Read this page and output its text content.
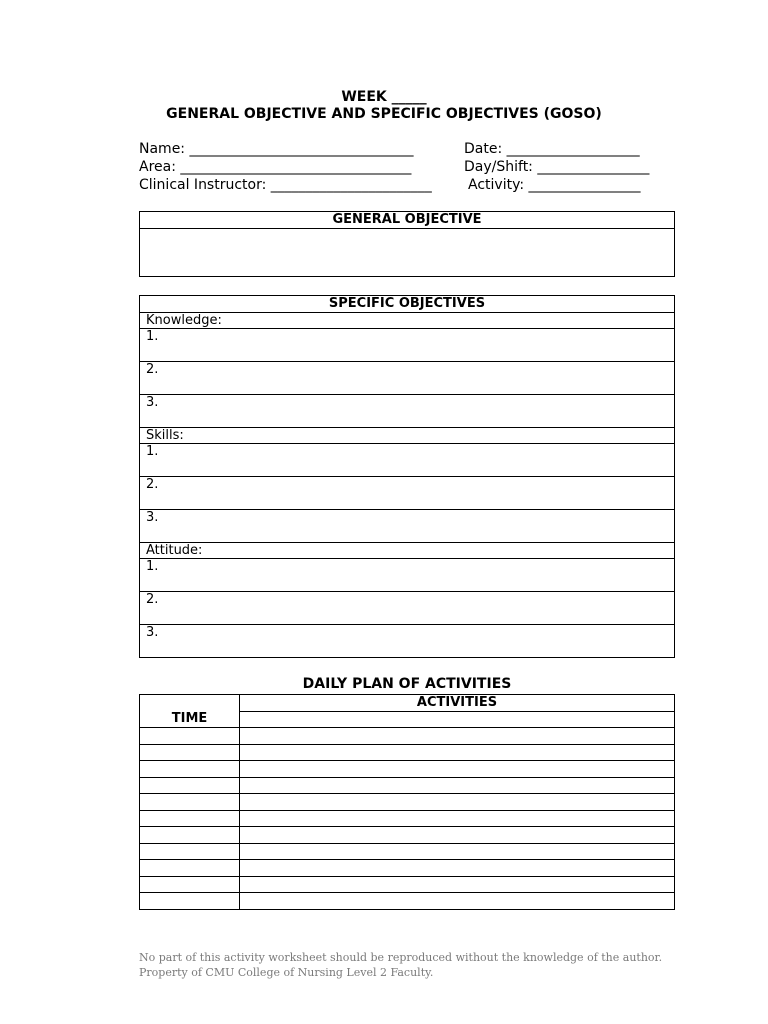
WEEK _____
GENERAL OBJECTIVE AND SPECIFIC OBJECTIVES (GOSO)
Name: ________________________________	Date: ___________________
Area: _________________________________	Day/Shift: ________________
Clinical Instructor: _______________________	Activity: ________________
GENERAL OBJECTIVE

SPECIFIC OBJECTIVES
Knowledge:
1.
2.
3.
Skills:
1.
2.
3.
Attitude:
1.
2.
3.
DAILY PLAN OF ACTIVITIES
TIME	ACTIVITIES

No part of this activity worksheet should be reproduced without the knowledge of the author.
Property of CMU College of Nursing Level 2 Faculty.
